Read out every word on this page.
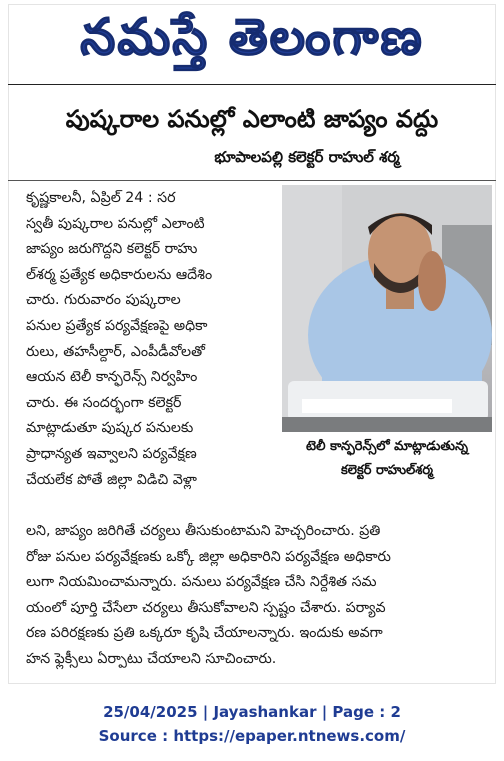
నమస్తే తెలంగాణ
పుష్కరాల పనుల్లో ఎలాంటి జాప్యం వద్దు
భూపాలపల్లి కలెక్టర్ రాహుల్ శర్మ
కృష్ణకాలనీ, ఏప్రిల్ 24 : సర
స్వతీ పుష్కరాల పనుల్లో ఎలాంటి
జాప్యం జరుగొద్దని కలెక్టర్ రాహు
ల్‌శర్మ ప్రత్యేక అధికారులను ఆదేశిం
చారు. గురువారం పుష్కరాల
పనుల ప్రత్యేక పర్యవేక్షణపై అధికా
రులు, తహసీల్దార్, ఎంపీడీవోలతో
ఆయన టెలీ కాన్ఫరెన్స్ నిర్వహిం
చారు. ఈ సందర్భంగా కలెక్టర్
మాట్లాడుతూ పుష్కర పనులకు
ప్రాధాన్యత ఇవ్వాలని పర్యవేక్షణ
చేయలేక పోతే జిల్లా విడిచి వెళ్లా
టెలీ కాన్ఫరెన్స్‌లో మాట్లాడుతున్న
కలెక్టర్ రాహుల్‌శర్మ
లని, జాప్యం జరిగితే చర్యలు తీసుకుంటామని హెచ్చరించారు. ప్రతి
రోజు పనుల పర్యవేక్షణకు ఒక్కో జిల్లా అధికారిని పర్యవేక్షణ అధికారు
లుగా నియమించామన్నారు. పనులు పర్యవేక్షణ చేసి నిర్దేశిత సమ
యంలో పూర్తి చేసేలా చర్యలు తీసుకోవాలని స్పష్టం చేశారు. పర్యావ
రణ పరిరక్షణకు ప్రతి ఒక్కరూ కృషి చేయాలన్నారు. ఇందుకు అవగా
హన ఫ్లెక్సీలు ఏర్పాటు చేయాలని సూచించారు.
25/04/2025 | Jayashankar | Page : 2
Source : https://epaper.ntnews.com/
